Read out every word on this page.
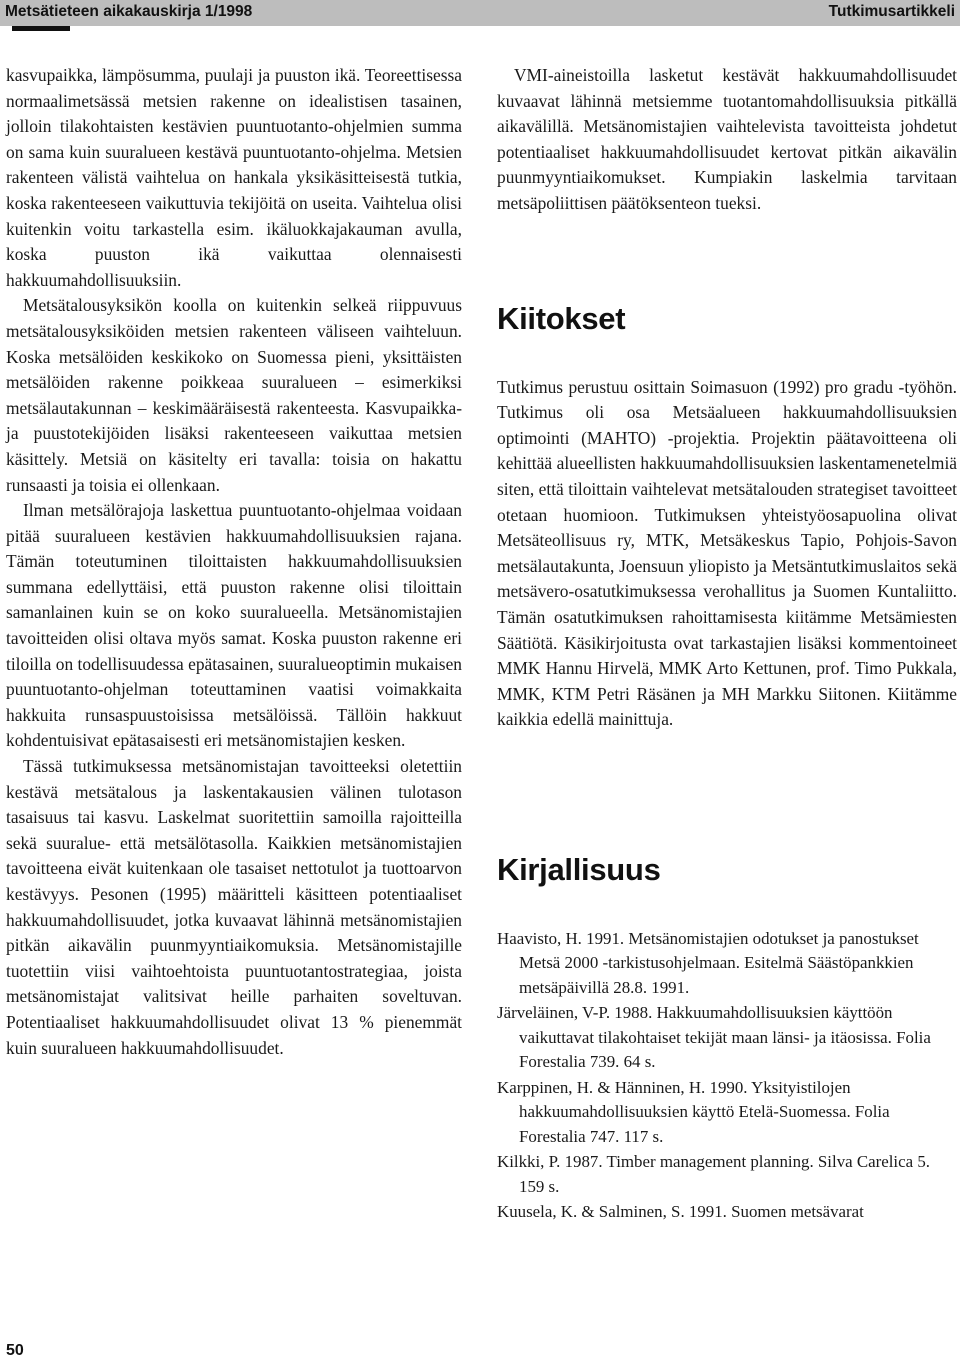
Metsätieteen aikakauskirja 1/1998	Tutkimusartikkeli

kasvupaikka, lämpösumma, puulaji ja puuston ikä. Teoreettisessa normaalimetsässä metsien rakenne on idealistisen tasainen, jolloin tilakohtaisten kestävien puuntuotanto-ohjelmien summa on sama kuin suuralueen kestävä puuntuotanto-ohjelma. Metsien rakenteen välistä vaihtelua on hankala yksikäsitteisestä tutkia, koska rakenteeseen vaikuttuvia tekijöitä on useita. Vaihtelua olisi kuitenkin voitu tarkastella esim. ikäluokkajakauman avulla, koska puuston ikä vaikuttaa olennaisesti hakkuumahdollisuuksiin.

Metsätalousyksikön koolla on kuitenkin selkeä riippuvuus metsätalousyksiköiden metsien rakenteen väliseen vaihteluun. Koska metsälöiden keskikoko on Suomessa pieni, yksittäisten metsälöiden rakenne poikkeaa suuralueen – esimerkiksi metsälautakunnan – keskimääräisestä rakenteesta. Kasvupaikka- ja puustotekijöiden lisäksi rakenteeseen vaikuttaa metsien käsittely. Metsiä on käsitelty eri tavalla: toisia on hakattu runsaasti ja toisia ei ollenkaan.

Ilman metsälörajoja laskettua puuntuotanto-ohjelmaa voidaan pitää suuralueen kestävien hakkuumahdollisuuksien rajana. Tämän toteutuminen tiloittaisten hakkuumahdollisuuksien summana edellyttäisi, että puuston rakenne olisi tiloittain samanlainen kuin se on koko suuralueella. Metsänomistajien tavoitteiden olisi oltava myös samat. Koska puuston rakenne eri tiloilla on todellisuudessa epätasainen, suuralueoptimin mukaisen puuntuotanto-ohjelman toteuttaminen vaatisi voimakkaita hakkuita runsaspuustoisissa metsälöissä. Tällöin hakkuut kohdentuisivat epätasaisesti eri metsänomistajien kesken.

Tässä tutkimuksessa metsänomistajan tavoitteeksi oletettiin kestävä metsätalous ja laskentakausien välinen tulotason tasaisuus tai kasvu. Laskelmat suoritettiin samoilla rajoitteilla sekä suuralue- että metsälötasolla. Kaikkien metsänomistajien tavoitteena eivät kuitenkaan ole tasaiset nettotulot ja tuottoarvon kestävyys. Pesonen (1995) määritteli käsitteen potentiaaliset hakkuumahdollisuudet, jotka kuvaavat lähinnä metsänomistajien pitkän aikavälin puunmyyntiaikomuksia. Metsänomistajille tuotettiin viisi vaihtoehtoista puuntuotantostrategiaa, joista metsänomistajat valitsivat heille parhaiten soveltuvan. Potentiaaliset hakkuumahdollisuudet olivat 13 % pienemmät kuin suuralueen hakkuumahdollisuudet.

VMI-aineistoilla lasketut kestävät hakkuumahdollisuudet kuvaavat lähinnä metsiemme tuotantomahdollisuuksia pitkällä aikavälillä. Metsänomistajien vaihtelevista tavoitteista johdetut potentiaaliset hakkuumahdollisuudet kertovat pitkän aikavälin puunmyyntiaikomukset. Kumpiakin laskelmia tarvitaan metsäpoliittisen päätöksenteon tueksi.

Kiitokset

Tutkimus perustuu osittain Soimasuon (1992) pro gradu -työhön. Tutkimus oli osa Metsäalueen hakkuumahdollisuuksien optimointi (MAHTO) -projektia. Projektin päätavoitteena oli kehittää alueellisten hakkuumahdollisuuksien laskentamenetelmiä siten, että tiloittain vaihtelevat metsätalouden strategiset tavoitteet otetaan huomioon. Tutkimuksen yhteistyöosapuolina olivat Metsäteollisuus ry, MTK, Metsäkeskus Tapio, Pohjois-Savon metsälautakunta, Joensuun yliopisto ja Metsäntutkimuslaitos sekä metsävero-osatutkimuksessa verohallitus ja Suomen Kuntaliitto. Tämän osatutkimuksen rahoittamisesta kiitämme Metsämiesten Säätiötä. Käsikirjoitusta ovat tarkastajien lisäksi kommentoineet MMK Hannu Hirvelä, MMK Arto Kettunen, prof. Timo Pukkala, MMK, KTM Petri Räsänen ja MH Markku Siitonen. Kiitämme kaikkia edellä mainittuja.

Kirjallisuus

Haavisto, H. 1991. Metsänomistajien odotukset ja panostukset Metsä 2000 -tarkistusohjelmaan. Esitelmä Säästöpankkien metsäpäivillä 28.8. 1991.

Järveläinen, V-P. 1988. Hakkuumahdollisuuksien käyttöön vaikuttavat tilakohtaiset tekijät maan länsi- ja itäosissa. Folia Forestalia 739. 64 s.

Karppinen, H. & Hänninen, H. 1990. Yksityistilojen hakkuumahdollisuuksien käyttö Etelä-Suomessa. Folia Forestalia 747. 117 s.

Kilkki, P. 1987. Timber management planning. Silva Carelica 5. 159 s.

Kuusela, K. & Salminen, S. 1991. Suomen metsävarat

50
